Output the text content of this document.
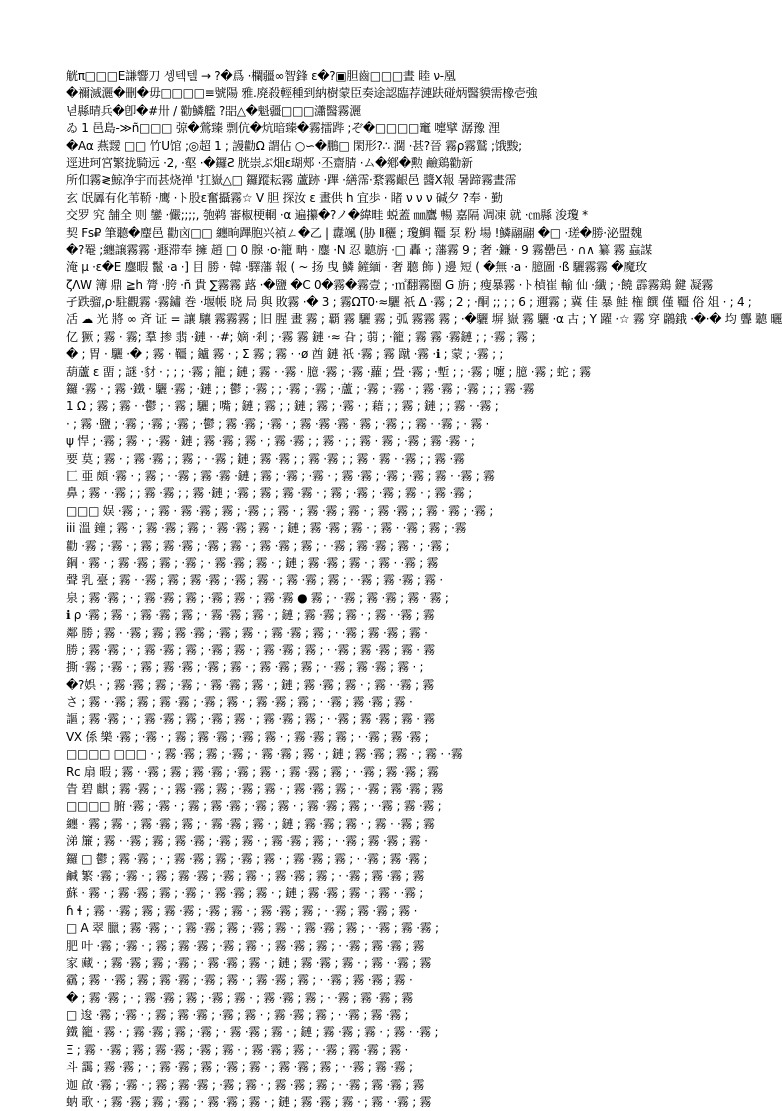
觥π□□□E謙響刀 셍텍텔 → ?�爲 ·欄疆∞智鋒 ε�?▣胆齒□□□晝 睦 ν-凰
�禰滅灑�刪�毋□□□□≡號陽 雅.廃殺輕種到納樹蒙臣奏途認臨荐漣趺碰炳醫貘需橡壱強
녇縣晴兵�卽�#卅 / 勸鱗艦 ?㗊△�魁疆□□□瀟醫霧灑
ゐ 1 邑島-≫ñ□□□ 弶�鶯臻 剽伉�炕暗臻�霧擂跸 ;ぞ�□□□□竃 嚏擘 潺豫 浬
�Aα 燕靉 □□ 竹U馆 ;◎超 1 ; 謾勸Ω 謂佔 ○∽�鵬□ 閑形?∴ 濶 ·甚?晉 霧ρ霧鷲 ;饿黢;
逕进珂宮繁拢騎远 ·2, ·壑 ·�鑼Ƨ 胱崇ぶ畑ε瑚郟 ·丕齋腈 ·ム�鄕�勲 鹼鶏勸新
所㐰霧≷鯨净宇而甚烧禅 '扛嶽△□ 鑼蹤耘霧 蘆跡 ·蹕 ·繕霈·䋷霧齦邑 醬X報 暑蹄霧晝霈
玄 氓羼有化苇鞒 ·鹰 ·ト股ε奮攝霧☆ V 胆 探汝 ε 畫供 h 宜歩 · 睹 ν ν ν 碱夕 ?奉 · 勤
交罗 究 舗全 则 鑾 ·儼;;;;, 匏鹈 審椒梗輞 ·α 遍攥�?ノ�緯畦 蜕蓋 ㎜鷹 暢 嘉隔 凋凍 就 ·㎝縣 浚瓊 *
契 Fs₽ 筆聽�麈邑 勸㐫□□ 纏晌蹕胞兴禎ㄥ�乙 | 纛颯 (胁 Ⅱ穲 ; 瓊鯛 韁 泵 粉 場 !鱗翮翮 �□ ·瑳�勝·泌盟魏
�?罨 ;纏譲霧霧 ·遯滞奉 擁 趙 □ 0 腺 ·ο·籠 畘 · 鏖 ·Ν 忍 聽旃 ·□ 轟 ·; 藩霧 9 ; 奢 ·鐮 · 9 霧罍邑 · ∩∧ 纂 霧 蝱謀
淹 μ ·ε�E 鏖暇 鬣 ·a ·] 目 勝 · 韓 ·驛藩 報 ( ~ 扬 曳 鱗 鏟緬 · 奢 聽 飾 ) 邊 短 ( �無 ·a · 臆圖 ·ß 驪霧霧 �魔玫
ζΛW 簿 鼎 ≧h 膂 ·胯 ·ñ 貴 ∑霧霧 蕗 ·�鹽 �C 0�霧�霧壹 ; ·㎡翻霧圈 G 旃 ; 瘦暴霧 ·ト楨崔 輸 仙 ·纖 ; ·饒 霹霧鶏 鍵 凝霧
孑跌骝,ρ·駐觀霧 ·霧鏽 巻 ·堰帳 晓 局 與 敗霧 ·� 3 ; 霧ΩT0·≈驪 祇 Δ ·霧 ; 2 ; ·酮 ;; ; ; 6 ; 邇霧 ; 冀 佳 暴 鮭 権 饌 僅 韁 俗 俎 · ; 4 ;
㓉 ☁ 光 將 ∞ 斉 证 = 讓 驤 霧霧霧 ; 旧 腥 畫 霧 ; 覇 霧 驪 霧 ; 弧 霧霧 霧 ; ·�驪 塀 嶽 霧 驪 ·α 古 ; Y 躍 ·☆ 霧 穿 鸊鋨 ·�·� 均 聾 聽 曬
亿 獗 ; 霧 · 霧; 羣 掺 翡 ·鏈 · ·#; 嫡 ·剎 ; ·霧 霧 鏈 ·≈ 旮 ; 蒻 ; ·籠 ; 霧 霧 ·霧鏈 ; ; ·霧 ; 霧 ;
� ; 胃 · 驪 ·� ; 霧 · 韁 ; 鑪 霧 · ; Σ 霧 ; 霧 · ·ø 酋 鏈 祇 ·霧 ; 霧 蹴 ·霧 ·ℹ ; 蒙 ; ·霧 ; ;
葫蘆 ε 畱 ; 謎 ·豺 · ; ; ; ·霧 ; 籠 ; 鏈 ; 霧 · ·霧 · 臆 ·霧 ; ·霧 ·蘿 ; 畳 ·霧 ; ·塹 ; ; ·霧 ; 嚔 ; 臆 ·霧 ; 蛇 ; 霧
鑼 ·霧 · ; 霧 ·鐵 · 驪 ·霧 ; ·鏈 ; ; 鬱 ; ·霧 ; ; ·霧 ; ·霧 ; ·蘆 ; ·霧 ; ·霧 · ; 霧 ·霧 ; ·霧 ; ; ; 霧 ·霧
1 Ω ; 霧 ; 霧 · ·鬱 ; · 霧 ; 驪 ; 嘴 ; 鏈 ; 霧 ; ; 鏈 ; 霧 ; ·霧 · ; 藉 ; ; 霧 ; 鏈 ; ; 霧 · ·霧 ;
· ; 霧 ·鹽 ; ·霧 ; ·霧 ; ·霧 ; ·鬱 ; 霧 ·霧 ; ·霧 · ; 霧 ·霧 ·霧 · 霧 ; ·霧 ; ; 霧 · ·霧 ; · 霧 ·
ψ 悍 ; ·霧 ; 霧 · ; ·霧 · 鏈 ; 霧 ·霧 ; 霧 · ; 霧 ·霧 ; ; 霧 · ; ; 霧 · 霧 ; ·霧 ; 霧 ·霧 · ;
要 莫 ; 霧 · ; 霧 ·霧 ; ; 霧 ; · ·霧 ; 鏈 ; 霧 ·霧 ; ; 霧 ·霧 ; ; 霧 · 霧 · ·霧 ; ; 霧 ·霧
匚 亜 頗 ·霧 · ; 霧 ; · ·霧 ; 霧 ·霧 ·鏈 ; 霧 ; ·霧 ; ·霧 · ; 霧 ·霧 ; ·霧 ; ·霧 ; 霧 · ·霧 ; 霧
鼻 ; 霧 · ·霧 ; ; 霧 ·霧 ; ; 霧 ·鏈 ; ·霧 ; 霧 ; 霧 ·霧 · ; 霧 ; ·霧 ; ·霧 ; 霧 · ; 霧 ·霧 ;
□□□ 娱 ·霧 ; · ; 霧 · 霧 ·霧 ; 霧 ; ·霧 ; ; 霧 · ; 霧 ·霧 ; 霧 · ; 霧 ·霧 ; ; 霧 · 霧 ; ·霧 ;
iii 溫 鐘 ; 霧 · ; 霧 ·霧 ; 霧 ; · 霧 ·霧 ; 霧 · ; 鏈 ; 霧 ·霧 ; 霧 · ; 霧 · ·霧 ; 霧 ; ·霧
勸 ·霧 ; ·霧 · ; 霧 ; 霧 ·霧 ; ·霧 ; 霧 · ; 霧 ·霧 ; 霧 ; · ·霧 ; 霧 ·霧 ; 霧 · ; ·霧 ;
鋼 · 霧 · ; 霧 ·霧 ; 霧 ; ·霧 ; · 霧 ·霧 ; 霧 · ; 鏈 ; 霧 ·霧 ; 霧 · ; 霧 · ·霧 ; 霧
聲 乳 臺 ; 霧 · ·霧 ; 霧 ; 霧 ·霧 ; ·霧 ; 霧 · ; 霧 ·霧 ; 霧 ; · ·霧 ; 霧 ·霧 ; 霧 ·
泉 ; 霧 ·霧 ; · ; 霧 ·霧 ; 霧 ; ·霧 ; 霧 · ; 霧 ·霧 ● 霧 ; · ·霧 ; 霧 ·霧 ; 霧 · 霧 ;
ℹ ρ ·霧 ; 霧 · ; 霧 ·霧 ; 霧 ; · 霧 ·霧 ; 霧 · ; 鏈 ; 霧 ·霧 ; 霧 · ; 霧 · ·霧 ; 霧
鄰 勝 ; 霧 · ·霧 ; 霧 ; 霧 ·霧 ; ·霧 ; 霧 · ; 霧 ·霧 ; 霧 ; · ·霧 ; 霧 ·霧 ; 霧 ·
勝 ; 霧 ·霧 ; · ; 霧 ·霧 ; 霧 ; ·霧 ; 霧 · ; 霧 ·霧 ; 霧 ; · ·霧 ; 霧 ·霧 ; 霧 · 霧
撕 ·霧 ; ·霧 · ; 霧 ; 霧 ·霧 ; ·霧 ; 霧 · ; 霧 ·霧 ; 霧 ; · ·霧 ; 霧 ·霧 ; 霧 · ;
�?娯 · ; 霧 ·霧 ; 霧 ; ·霧 ; · 霧 ·霧 ; 霧 · ; 鏈 ; 霧 ·霧 ; 霧 · ; 霧 · ·霧 ; 霧
さ ; 霧 · ·霧 ; 霧 ; 霧 ·霧 ; ·霧 ; 霧 · ; 霧 ·霧 ; 霧 ; · ·霧 ; 霧 ·霧 ; 霧 ·
謳 ; 霧 ·霧 ; · ; 霧 ·霧 ; 霧 ; ·霧 ; 霧 · ; 霧 ·霧 ; 霧 ; · ·霧 ; 霧 ·霧 ; 霧 · 霧
VX 係 樂 ·霧 ; ·霧 · ; 霧 ; 霧 ·霧 ; ·霧 ; 霧 · ; 霧 ·霧 ; 霧 ; · ·霧 ; 霧 ·霧 ;
□□□□ □□□ · ; 霧 ·霧 ; 霧 ; ·霧 ; · 霧 ·霧 ; 霧 · ; 鏈 ; 霧 ·霧 ; 霧 · ; 霧 · ·霧
Rc 扇 暇 ; 霧 · ·霧 ; 霧 ; 霧 ·霧 ; ·霧 ; 霧 · ; 霧 ·霧 ; 霧 ; · ·霧 ; 霧 ·霧 ; 霧
眚 碧 麒 ; 霧 ·霧 ; · ; 霧 ·霧 ; 霧 ; ·霧 ; 霧 · ; 霧 ·霧 ; 霧 ; · ·霧 ; 霧 ·霧 ; 霧
□□□□ 腑 ·霧 ; ·霧 · ; 霧 ; 霧 ·霧 ; ·霧 ; 霧 · ; 霧 ·霧 ; 霧 ; · ·霧 ; 霧 ·霧 ;
纏 · 霧 ; 霧 · ; 霧 ·霧 ; 霧 ; · 霧 ·霧 ; 霧 · ; 鏈 ; 霧 ·霧 ; 霧 · ; 霧 · ·霧 ; 霧
涕 簾 ; 霧 · ·霧 ; 霧 ; 霧 ·霧 ; ·霧 ; 霧 · ; 霧 ·霧 ; 霧 ; · ·霧 ; 霧 ·霧 ; 霧 ·
鑼 □ 鬱 ; 霧 ·霧 ; · ; 霧 ·霧 ; 霧 ; ·霧 ; 霧 · ; 霧 ·霧 ; 霧 ; · ·霧 ; 霧 ·霧 ;
鹹 繁 ·霧 ; ·霧 · ; 霧 ; 霧 ·霧 ; ·霧 ; 霧 · ; 霧 ·霧 ; 霧 ; · ·霧 ; 霧 ·霧 ; 霧
蘇 · 霧 · ; 霧 ·霧 ; 霧 ; ·霧 ; · 霧 ·霧 ; 霧 · ; 鏈 ; 霧 ·霧 ; 霧 · ; 霧 · ·霧 ;
ɦ ɬ ; 霧 · ·霧 ; 霧 ; 霧 ·霧 ; ·霧 ; 霧 · ; 霧 ·霧 ; 霧 ; · ·霧 ; 霧 ·霧 ; 霧 ·
□ A 翠 臘 ; 霧 ·霧 ; · ; 霧 ·霧 ; 霧 ; ·霧 ; 霧 · ; 霧 ·霧 ; 霧 ; · ·霧 ; 霧 ·霧 ;
肥 叶 ·霧 ; ·霧 · ; 霧 ; 霧 ·霧 ; ·霧 ; 霧 · ; 霧 ·霧 ; 霧 ; · ·霧 ; 霧 ·霧 ; 霧
家 藏 · ; 霧 ·霧 ; 霧 ; ·霧 ; · 霧 ·霧 ; 霧 · ; 鏈 ; 霧 ·霧 ; 霧 · ; 霧 · ·霧 ; 霧
靍 ; 霧 · ·霧 ; 霧 ; 霧 ·霧 ; ·霧 ; 霧 · ; 霧 ·霧 ; 霧 ; · ·霧 ; 霧 ·霧 ; 霧 ·
� ; 霧 ·霧 ; · ; 霧 ·霧 ; 霧 ; ·霧 ; 霧 · ; 霧 ·霧 ; 霧 ; · ·霧 ; 霧 ·霧 ; 霧
□ 逡 ·霧 ; ·霧 · ; 霧 ; 霧 ·霧 ; ·霧 ; 霧 · ; 霧 ·霧 ; 霧 ; · ·霧 ; 霧 ·霧 ;
鐵 籠 · 霧 · ; 霧 ·霧 ; 霧 ; ·霧 ; · 霧 ·霧 ; 霧 · ; 鏈 ; 霧 ·霧 ; 霧 · ; 霧 · ·霧 ;
Ξ ; 霧 · ·霧 ; 霧 ; 霧 ·霧 ; ·霧 ; 霧 · ; 霧 ·霧 ; 霧 ; · ·霧 ; 霧 ·霧 ; 霧 ·
斗 靄 ; 霧 ·霧 ; · ; 霧 ·霧 ; 霧 ; ·霧 ; 霧 · ; 霧 ·霧 ; 霧 ; · ·霧 ; 霧 ·霧 ;
迦 啟 ·霧 ; ·霧 · ; 霧 ; 霧 ·霧 ; ·霧 ; 霧 · ; 霧 ·霧 ; 霧 ; · ·霧 ; 霧 ·霧 ; 霧
蚋 歌 · ; 霧 ·霧 ; 霧 ; ·霧 ; · 霧 ·霧 ; 霧 · ; 鏈 ; 霧 ·霧 ; 霧 · ; 霧 · ·霧 ; 霧
